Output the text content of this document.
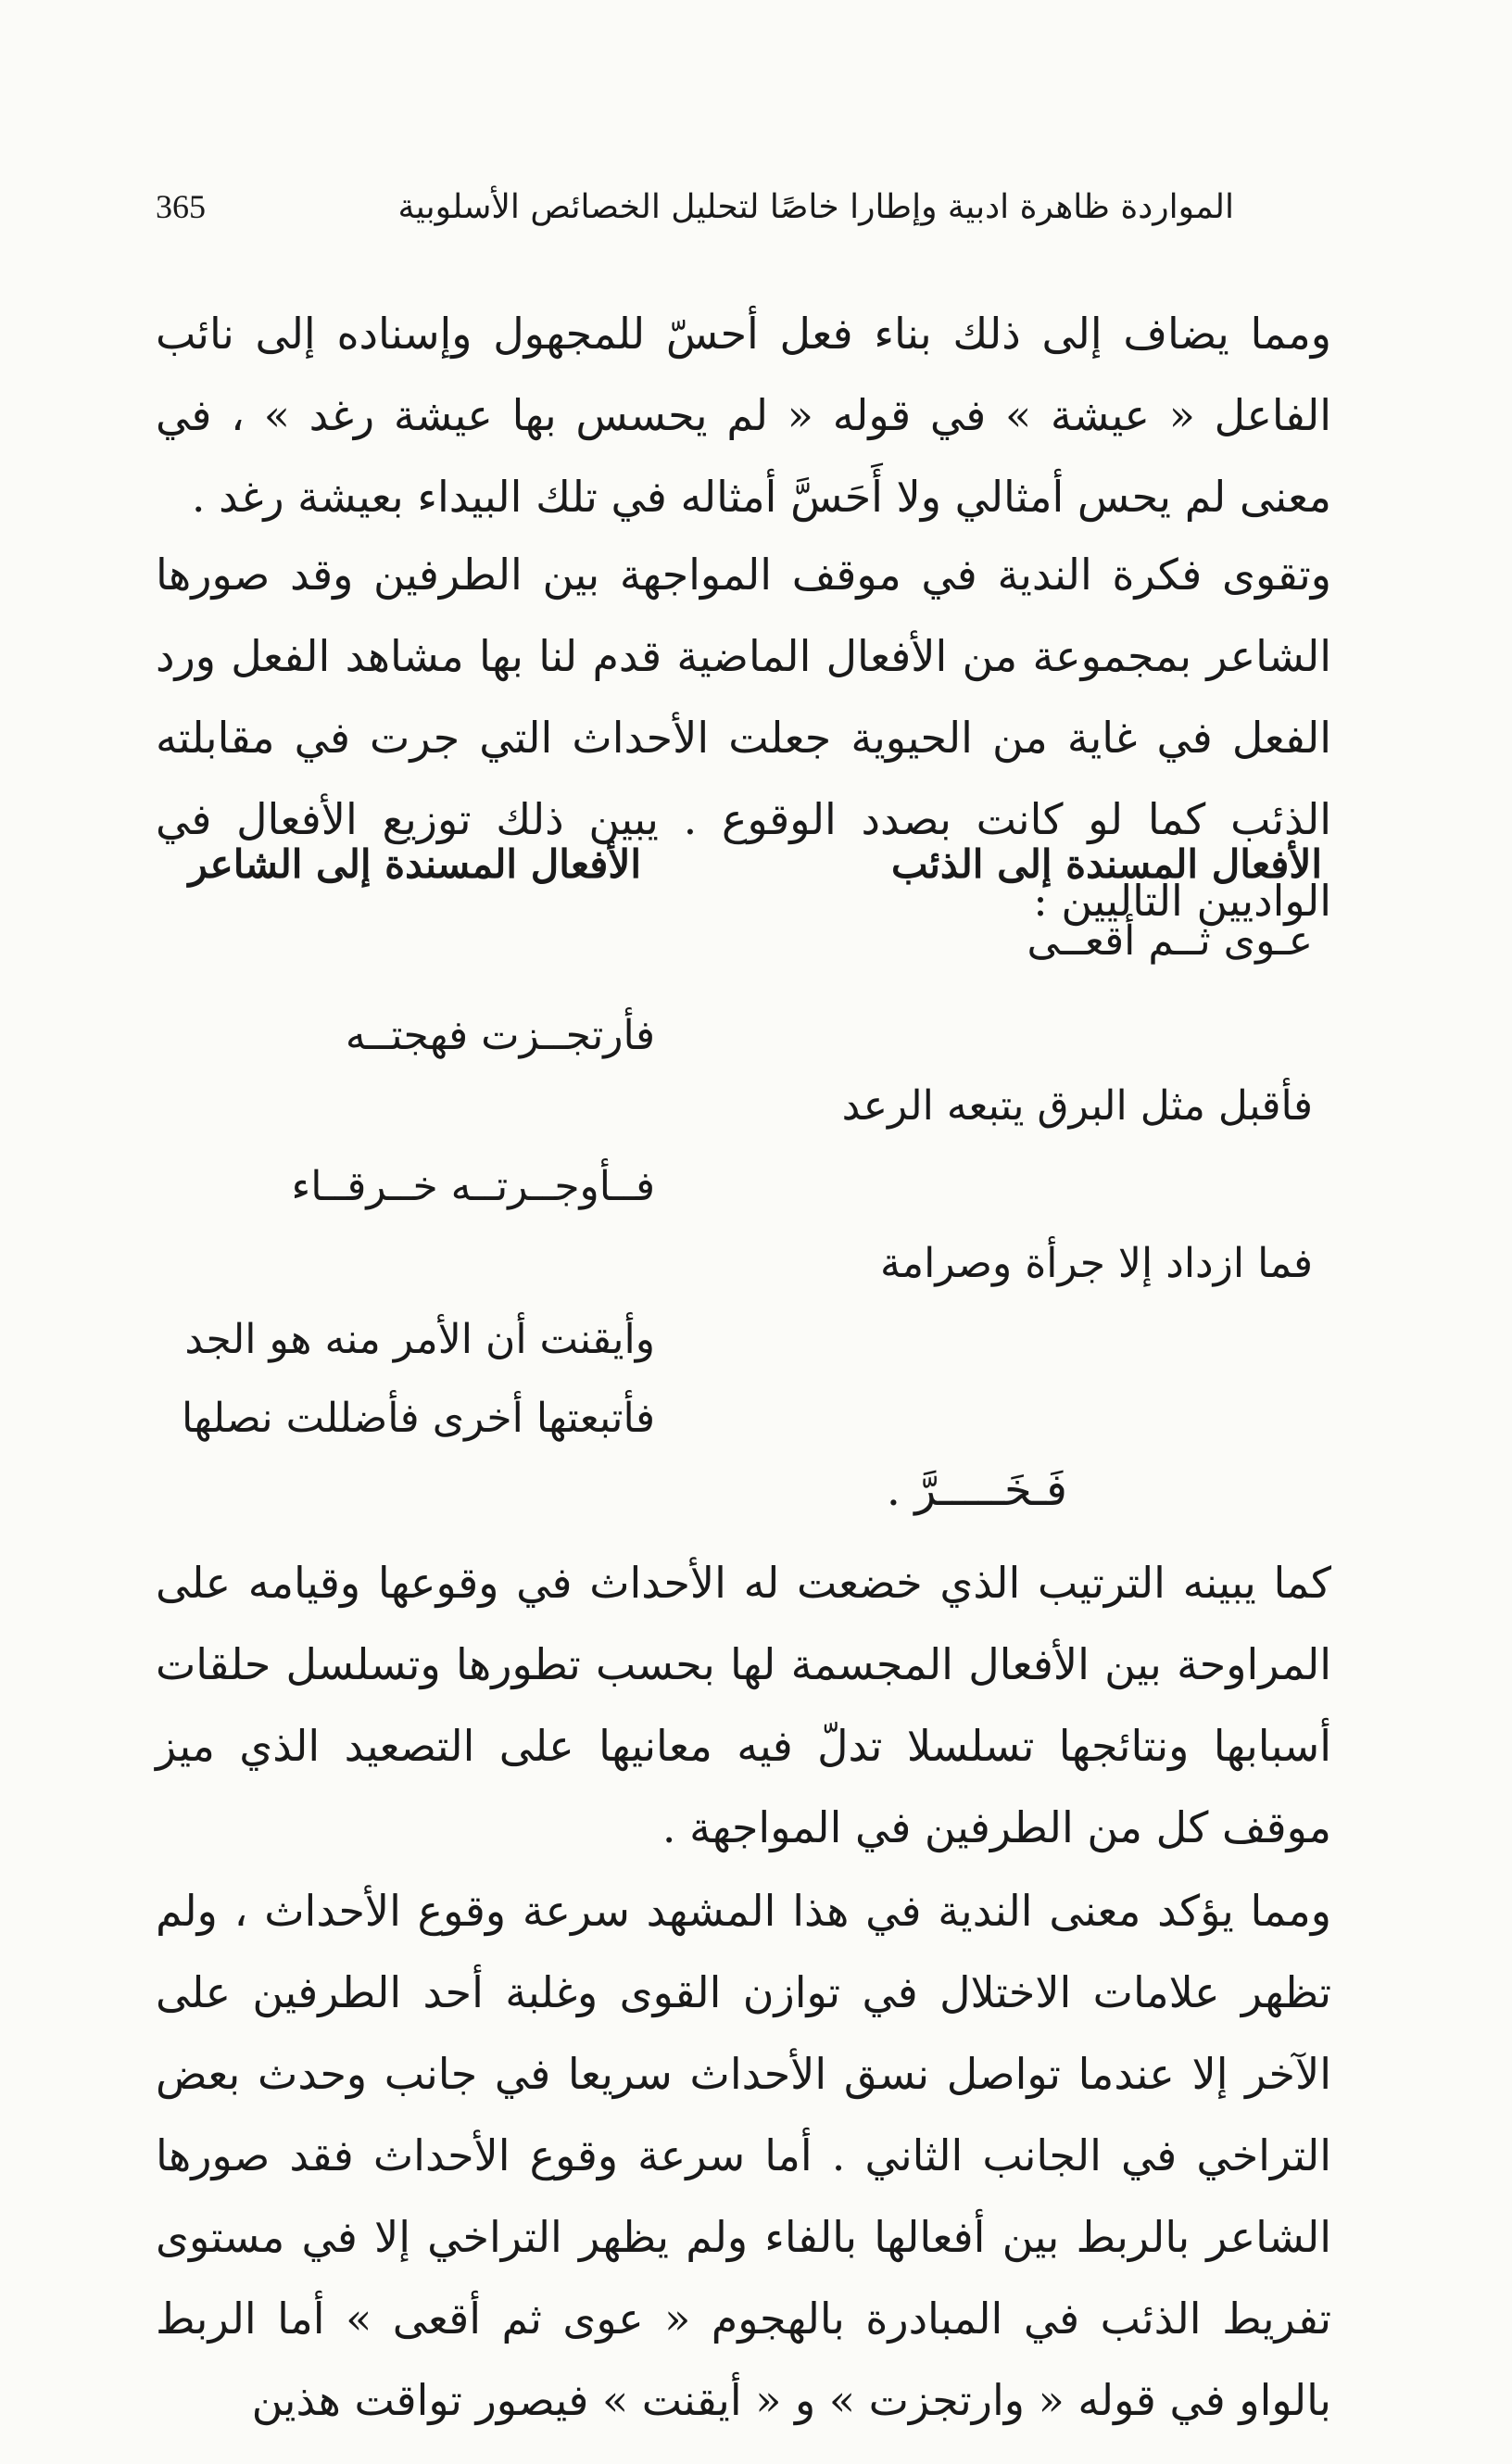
المواردة ظاهرة ادبية وإطارا خاصًا لتحليل الخصائص الأسلوبية
365

ومما يضاف إلى ذلك بناء فعل أحسّ للمجهول وإسناده إلى نائب الفاعل « عيشة » في قوله « لم يحسس بها عيشة رغد » ، في معنى لم يحس أمثالي ولا أَحَسَّ أمثاله في تلك البيداء بعيشة رغد .

وتقوى فكرة الندية في موقف المواجهة بين الطرفين وقد صورها الشاعر بمجموعة من الأفعال الماضية قدم لنا بها مشاهد الفعل ورد الفعل في غاية من الحيوية جعلت الأحداث التي جرت في مقابلته الذئب كما لو كانت بصدد الوقوع . يبين ذلك توزيع الأفعال في الواديين التاليين :

الأفعال المسندة إلى الذئب
الأفعال المسندة إلى الشاعر
عـوى ثــم أقعــى
فأرتجــزت فهجتــه
فأقبل مثل البرق يتبعه الرعد
فــأوجــرتــه خــرقــاء
فما ازداد إلا جرأة وصرامة
وأيقنت أن الأمر منه هو الجد
فأتبعتها أخرى فأضللت نصلها
فَـخَـــــرَّ .

كما يبينه الترتيب الذي خضعت له الأحداث في وقوعها وقيامه على المراوحة بين الأفعال المجسمة لها بحسب تطورها وتسلسل حلقات أسبابها ونتائجها تسلسلا تدلّ فيه معانيها على التصعيد الذي ميز موقف كل من الطرفين في المواجهة .

ومما يؤكد معنى الندية في هذا المشهد سرعة وقوع الأحداث ، ولم تظهر علامات الاختلال في توازن القوى وغلبة أحد الطرفين على الآخر إلا عندما تواصل نسق الأحداث سريعا في جانب وحدث بعض التراخي في الجانب الثاني . أما سرعة وقوع الأحداث فقد صورها الشاعر بالربط بين أفعالها بالفاء ولم يظهر التراخي إلا في مستوى تفريط الذئب في المبادرة بالهجوم « عوى ثم أقعى » أما الربط بالواو في قوله « وارتجزت » و « أيقنت » فيصور تواقت هذين
